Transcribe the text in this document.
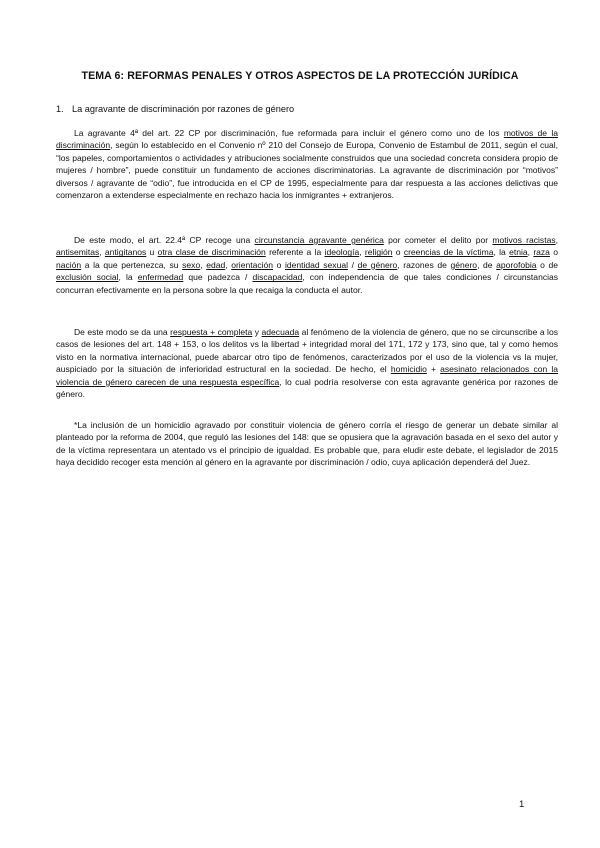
TEMA 6: REFORMAS PENALES Y OTROS ASPECTOS DE LA PROTECCIÓN JURÍDICA
1. La agravante de discriminación por razones de género
La agravante 4ª del art. 22 CP por discriminación, fue reformada para incluir el género como uno de los motivos de la discriminación, según lo establecido en el Convenio nº 210 del Consejo de Europa, Convenio de Estambul de 2011, según el cual, “los papeles, comportamientos o actividades y atribuciones socialmente construidos que una sociedad concreta considera propio de mujeres / hombre”, puede constituir un fundamento de acciones discriminatorias. La agravante de discriminación por “motivos” diversos / agravante de “odio”, fue introducida en el CP de 1995, especialmente para dar respuesta a las acciones delictivas que comenzaron a extenderse especialmente en rechazo hacia los inmigrantes + extranjeros.
De este modo, el art. 22.4ª CP recoge una circunstancia agravante genérica por cometer el delito por motivos racistas, antisemitas, antigitanos u otra clase de discriminación referente a la ideología, religión o creencias de la víctima, la etnia, raza o nación a la que pertenezca, su sexo, edad, orientación o identidad sexual / de género, razones de género, de aporofobia o de exclusión social, la enfermedad que padezca / discapacidad, con independencia de que tales condiciones / circunstancias concurran efectivamente en la persona sobre la que recaiga la conducta el autor.
De este modo se da una respuesta + completa y adecuada al fenómeno de la violencia de género, que no se circunscribe a los casos de lesiones del art. 148 + 153, o los delitos vs la libertad + integridad moral del 171, 172 y 173, sino que, tal y como hemos visto en la normativa internacional, puede abarcar otro tipo de fenómenos, caracterizados por el uso de la violencia vs la mujer, auspiciado por la situación de inferioridad estructural en la sociedad. De hecho, el homicidio + asesinato relacionados con la violencia de género carecen de una respuesta específica, lo cual podría resolverse con esta agravante genérica por razones de género.
*La inclusión de un homicidio agravado por constituir violencia de género corría el riesgo de generar un debate similar al planteado por la reforma de 2004, que reguló las lesiones del 148: que se opusiera que la agravación basada en el sexo del autor y de la víctima representara un atentado vs el principio de igualdad. Es probable que, para eludir este debate, el legislador de 2015 haya decidido recoger esta mención al género en la agravante por discriminación / odio, cuya aplicación dependerá del Juez.
1
